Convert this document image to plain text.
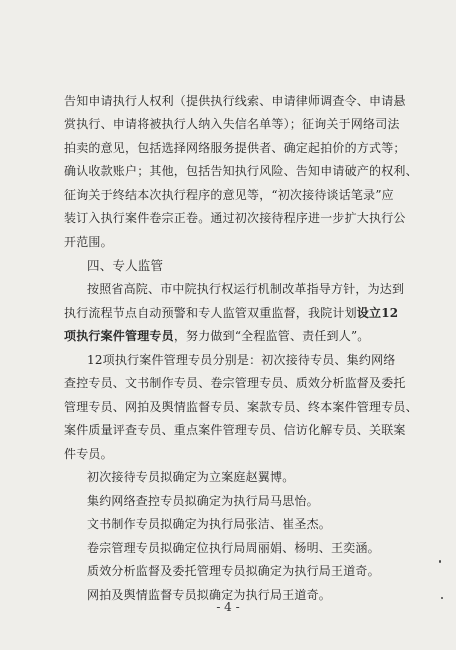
告知申请执行人权利（提供执行线索、申请律师调查令、申请悬
赏执行、申请将被执行人纳入失信名单等）；征询关于网络司法
拍卖的意见，包括选择网络服务提供者、确定起拍价的方式等；
确认收款账户；其他，包括告知执行风险、告知申请破产的权利、
征询关于终结本次执行程序的意见等，“初次接待谈话笔录”应
装订入执行案件卷宗正卷。通过初次接待程序进一步扩大执行公
开范围。
四、专人监管
按照省高院、市中院执行权运行机制改革指导方针，为达到
执行流程节点自动预警和专人监管双重监督，我院计划设立12
项执行案件管理专员，努力做到“全程监管、责任到人”。
12项执行案件管理专员分别是：初次接待专员、集约网络
查控专员、文书制作专员、卷宗管理专员、质效分析监督及委托
管理专员、网拍及舆情监督专员、案款专员、终本案件管理专员、
案件质量评查专员、重点案件管理专员、信访化解专员、关联案
件专员。
初次接待专员拟确定为立案庭赵翼博。
集约网络查控专员拟确定为执行局马思怡。
文书制作专员拟确定为执行局张洁、崔圣杰。
卷宗管理专员拟确定位执行局周丽娟、杨明、王奕涵。
质效分析监督及委托管理专员拟确定为执行局王道奇。
网拍及舆情监督专员拟确定为执行局王道奇。
- 4 -
